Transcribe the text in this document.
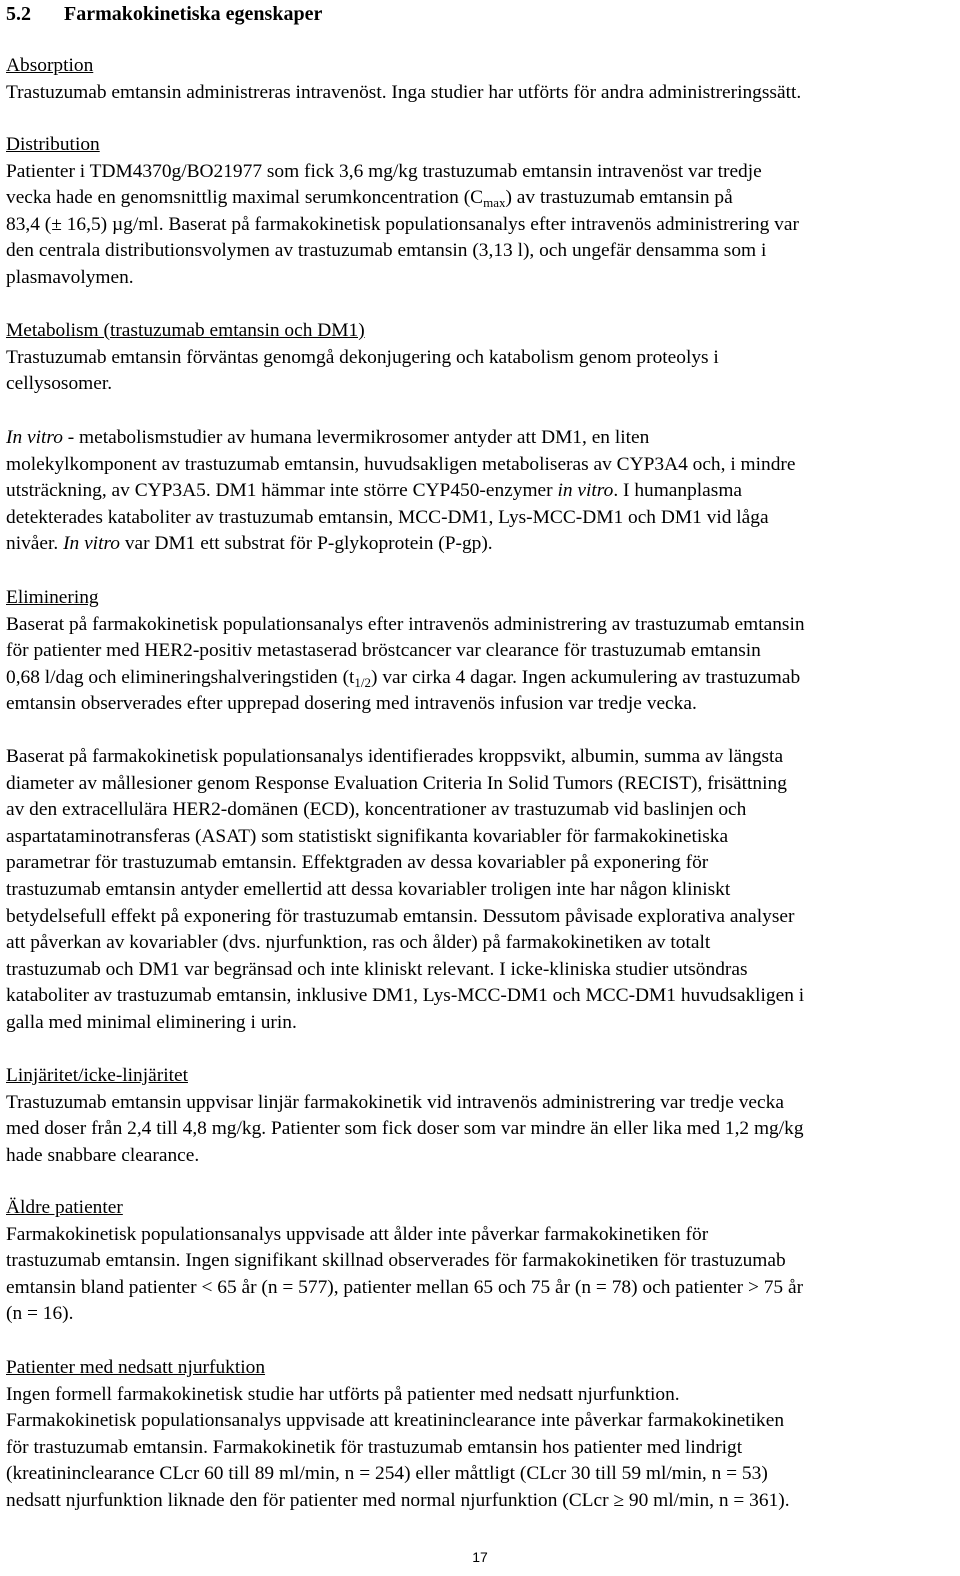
5.2 Farmakokinetiska egenskaper
Absorption
Trastuzumab emtansin administreras intravenöst. Inga studier har utförts för andra administreringssätt.
Distribution
Patienter i TDM4370g/BO21977 som fick 3,6 mg/kg trastuzumab emtansin intravenöst var tredje
vecka hade en genomsnittlig maximal serumkoncentration $(C_{max})$ av trastuzumab emtansin på
83,4 (± 16,5) µg/ml. Baserat på farmakokinetisk populationsanalys efter intravenös administrering var
den centrala distributionsvolymen av trastuzumab emtansin (3,13 l), och ungefär densamma som i
plasmavolymen.
Metabolism (trastuzumab emtansin och DM1)
Trastuzumab emtansin förväntas genomgå dekonjugering och katabolism genom proteolys i
cellysosomer.
In vitro - metabolismstudier av humana levermikrosomer antyder att DM1, en liten
molekylkomponent av trastuzumab emtansin, huvudsakligen metaboliseras av CYP3A4 och, i mindre
utsträckning, av CYP3A5. DM1 hämmar inte större CYP450-enzymer in vitro. I humanplasma
detekterades kataboliter av trastuzumab emtansin, MCC-DM1, Lys-MCC-DM1 och DM1 vid låga
nivåer. In vitro var DM1 ett substrat för P-glykoprotein (P-gp).
Eliminering
Baserat på farmakokinetisk populationsanalys efter intravenös administrering av trastuzumab emtansin
för patienter med HER2-positiv metastaserad bröstcancer var clearance för trastuzumab emtansin
0,68 l/dag och elimineringshalveringstiden $(t_{1/2})$ var cirka 4 dagar. Ingen ackumulering av trastuzumab
emtansin observerades efter upprepad dosering med intravenös infusion var tredje vecka.
Baserat på farmakokinetisk populationsanalys identifierades kroppsvikt, albumin, summa av längsta
diameter av mållesioner genom Response Evaluation Criteria In Solid Tumors (RECIST), frisättning
av den extracellulära HER2-domänen (ECD), koncentrationer av trastuzumab vid baslinjen och
aspartataminotransferas (ASAT) som statistiskt signifikanta kovariabler för farmakokinetiska
parametrar för trastuzumab emtansin. Effektgraden av dessa kovariabler på exponering för
trastuzumab emtansin antyder emellertid att dessa kovariabler troligen inte har någon kliniskt
betydelsefull effekt på exponering för trastuzumab emtansin. Dessutom påvisade explorativa analyser
att påverkan av kovariabler (dvs. njurfunktion, ras och ålder) på farmakokinetiken av totalt
trastuzumab och DM1 var begränsad och inte kliniskt relevant. I icke-kliniska studier utsöndras
kataboliter av trastuzumab emtansin, inklusive DM1, Lys-MCC-DM1 och MCC-DM1 huvudsakligen i
galla med minimal eliminering i urin.
Linjäritet/icke-linjäritet
Trastuzumab emtansin uppvisar linjär farmakokinetik vid intravenös administrering var tredje vecka
med doser från 2,4 till 4,8 mg/kg. Patienter som fick doser som var mindre än eller lika med 1,2 mg/kg
hade snabbare clearance.
Äldre patienter
Farmakokinetisk populationsanalys uppvisade att ålder inte påverkar farmakokinetiken för
trastuzumab emtansin. Ingen signifikant skillnad observerades för farmakokinetiken för trastuzumab
emtansin bland patienter < 65 år (n = 577), patienter mellan 65 och 75 år (n = 78) och patienter > 75 år
(n = 16).
Patienter med nedsatt njurfuktion
Ingen formell farmakokinetisk studie har utförts på patienter med nedsatt njurfunktion.
Farmakokinetisk populationsanalys uppvisade att kreatininclearance inte påverkar farmakokinetiken
för trastuzumab emtansin. Farmakokinetik för trastuzumab emtansin hos patienter med lindrigt
(kreatininclearance CLcr 60 till 89 ml/min, n = 254) eller måttligt (CLcr 30 till 59 ml/min, n = 53)
nedsatt njurfunktion liknade den för patienter med normal njurfunktion (CLcr ≥ 90 ml/min, n = 361).
17
